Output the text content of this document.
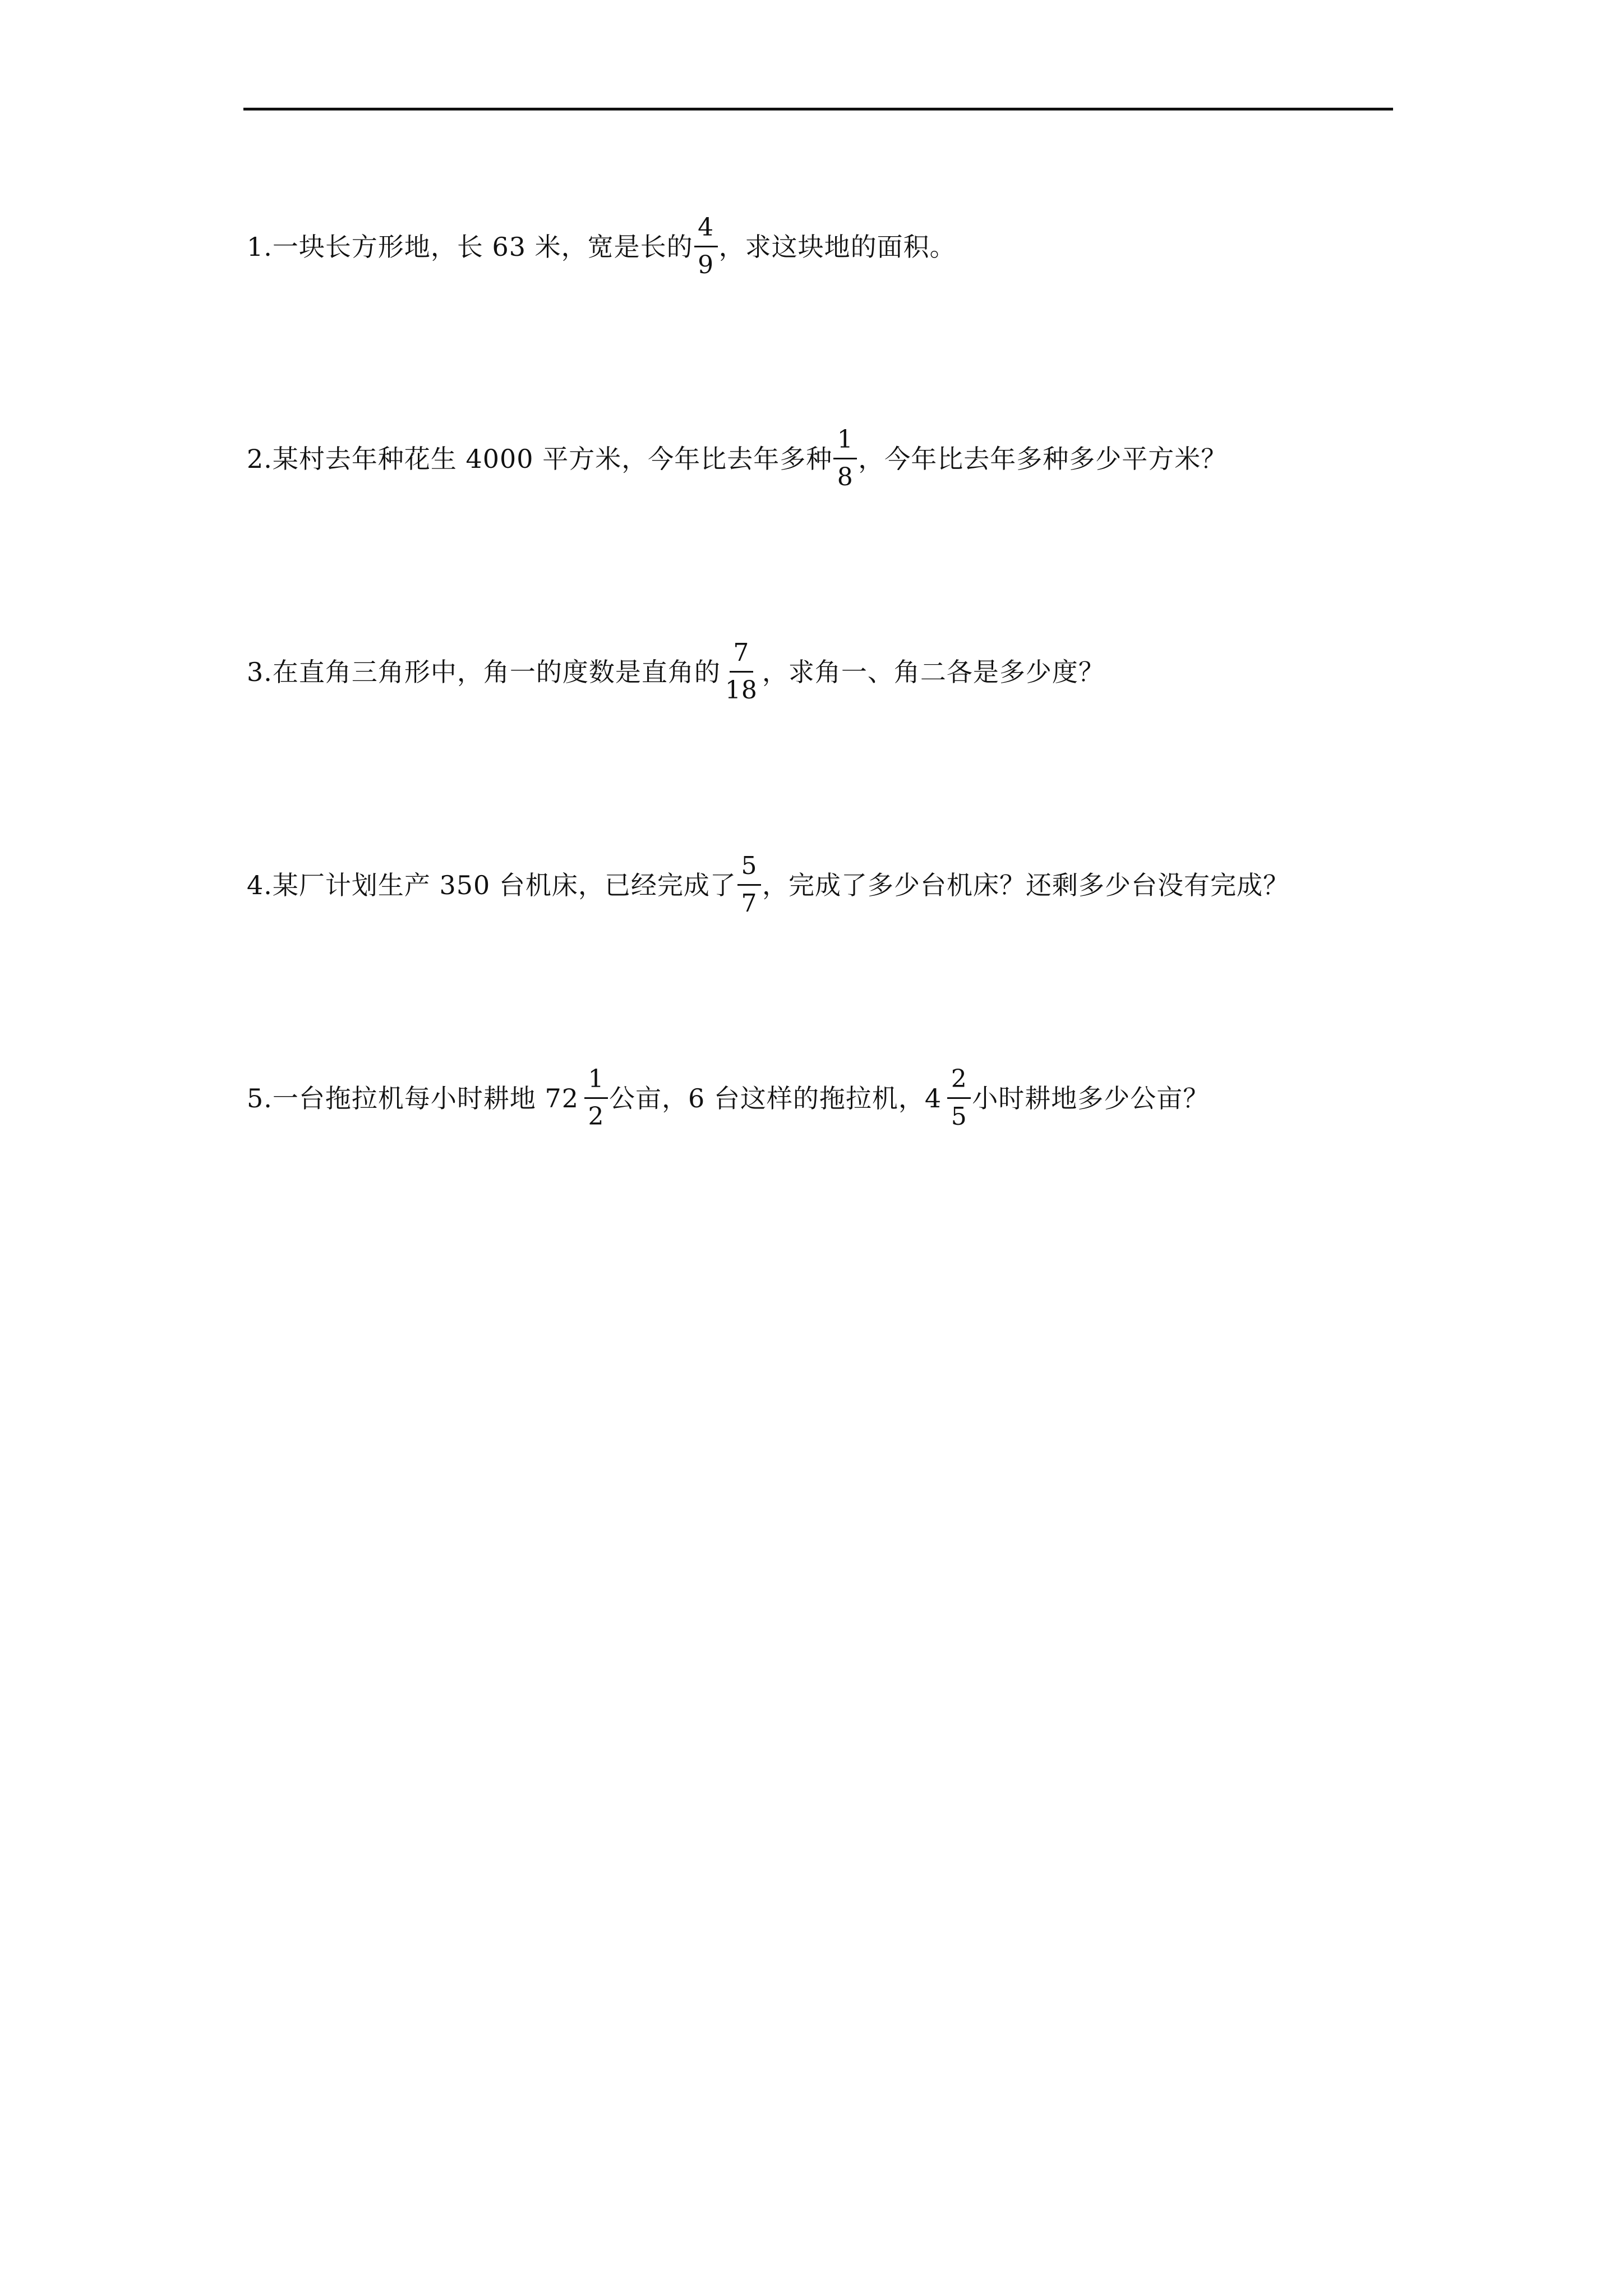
1.一块长方形地，长 63 米，宽是长的 $\frac{4}{9}$ ，求这块地的面积。
2.某村去年种花生 4000 平方米，今年比去年多种 $\frac{1}{8}$ ，今年比去年多种多少平方米？
3.在直角三角形中，角一的度数是直角的 $\frac{7}{18}$ ，求角一、角二各是多少度？
4.某厂计划生产 350 台机床，已经完成了 $\frac{5}{7}$ ，完成了多少台机床？还剩多少台没有完成？
5.一台拖拉机每小时耕地 $72 \frac{1}{2}$ 公亩，6 台这样的拖拉机，$4 \frac{2}{5}$ 小时耕地多少公亩？
